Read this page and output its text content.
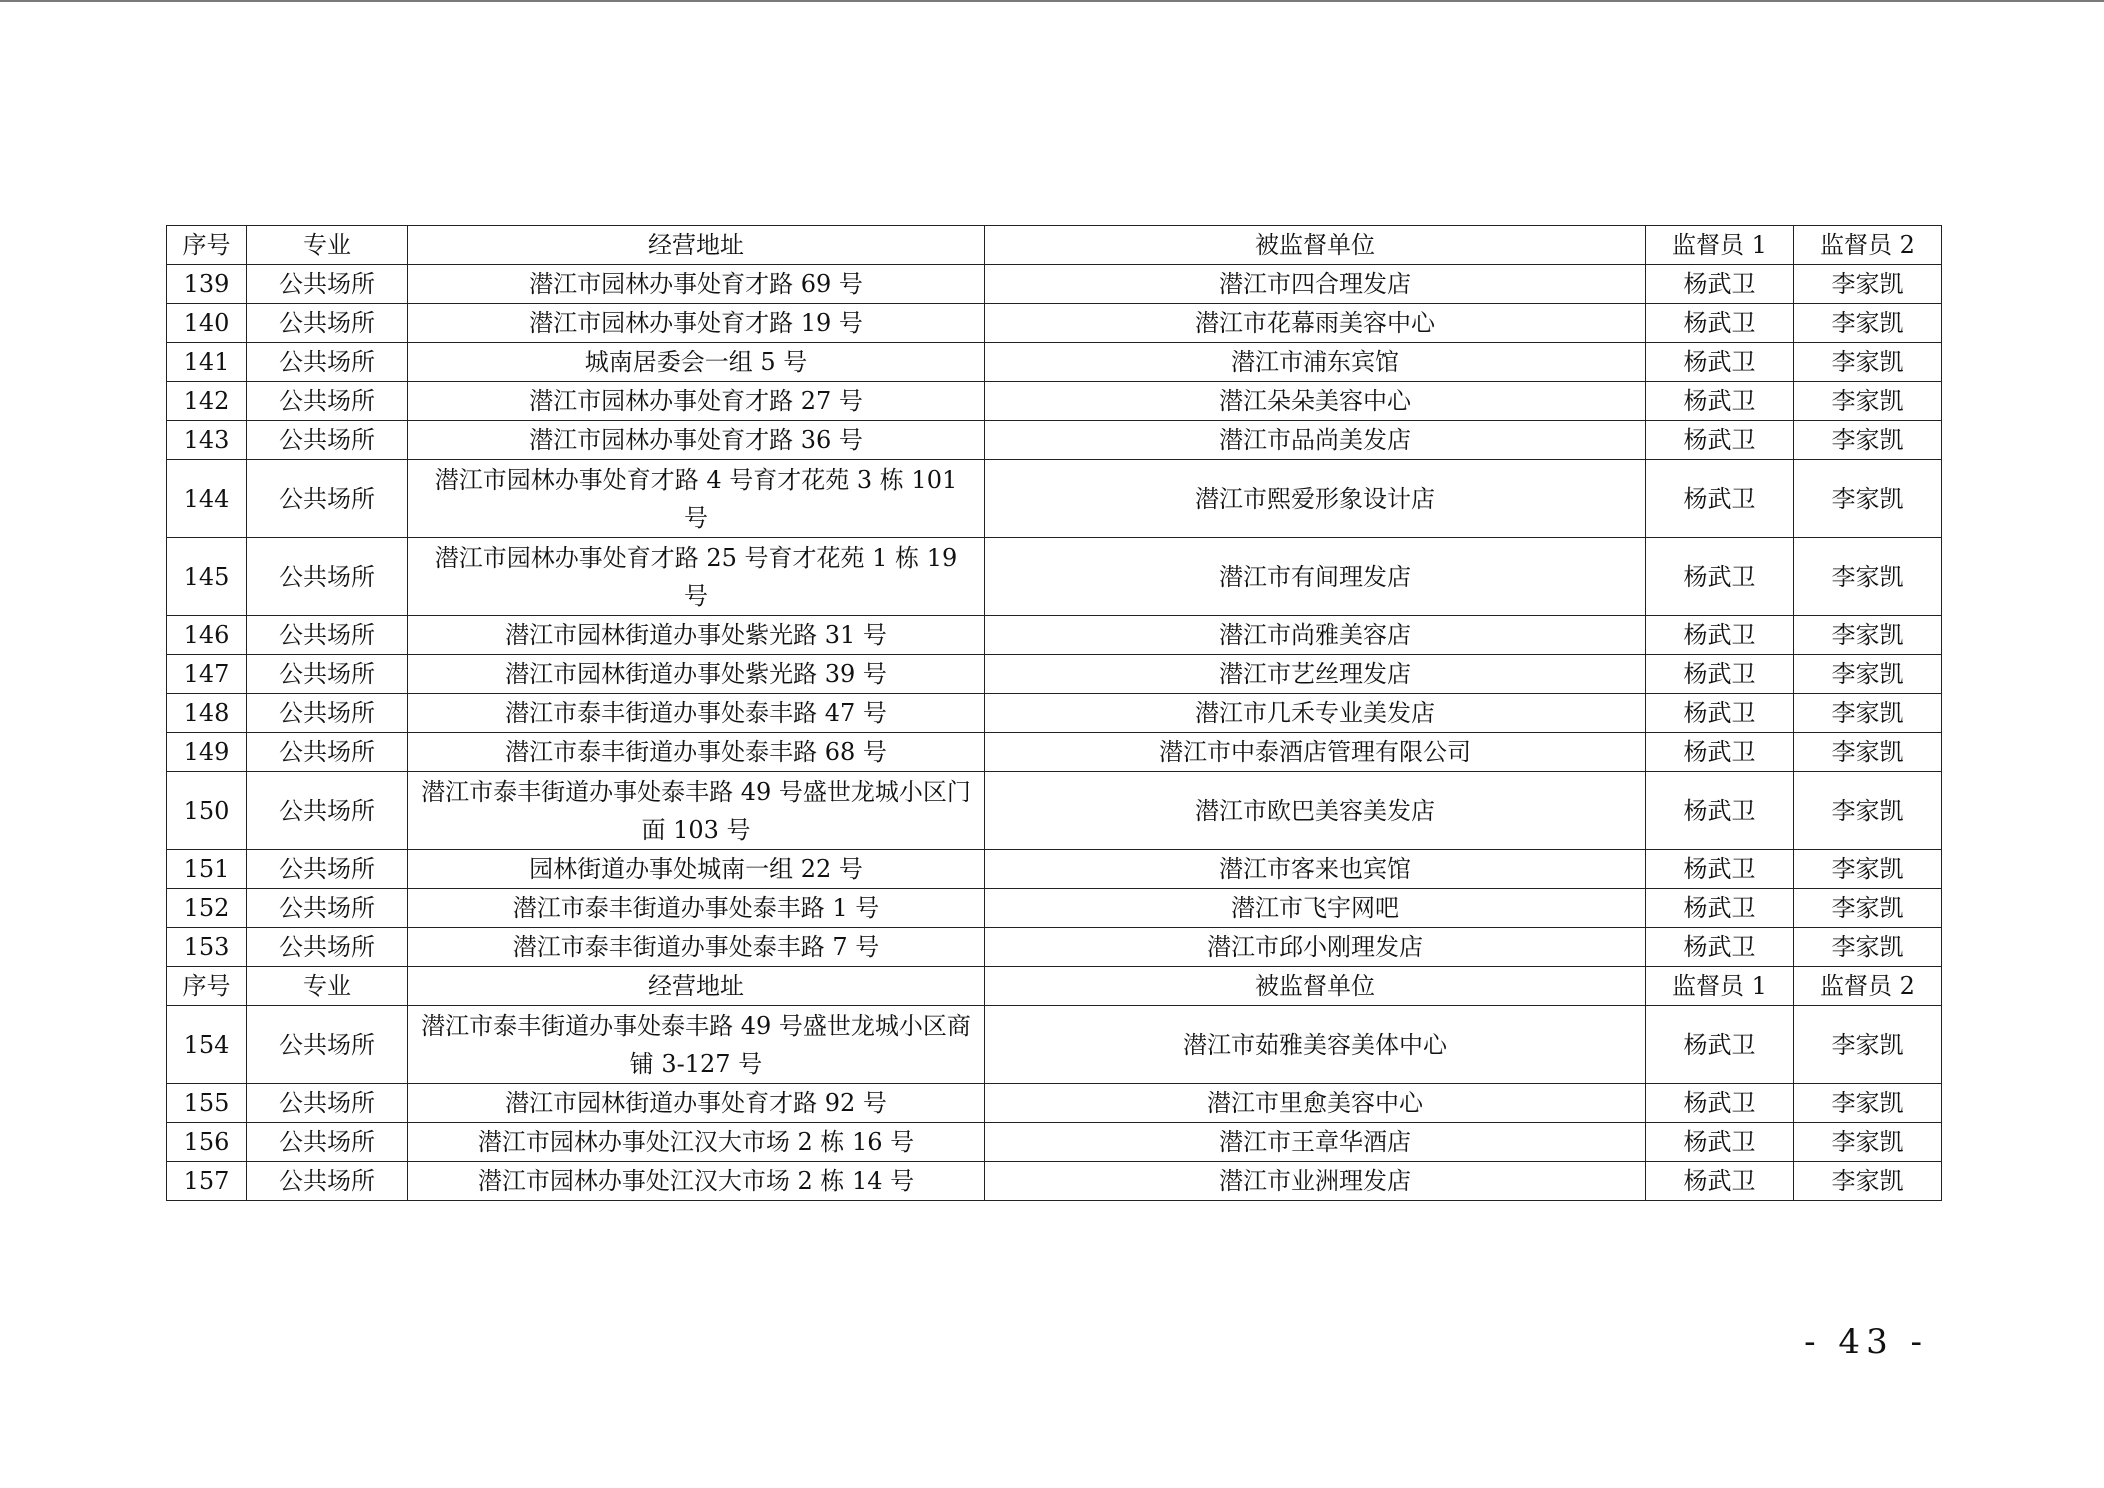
序号	专业	经营地址	被监督单位	监督员 1	监督员 2
139	公共场所	潜江市园林办事处育才路 69 号	潜江市四合理发店	杨武卫	李家凯
140	公共场所	潜江市园林办事处育才路 19 号	潜江市花幕雨美容中心	杨武卫	李家凯
141	公共场所	城南居委会一组 5 号	潜江市浦东宾馆	杨武卫	李家凯
142	公共场所	潜江市园林办事处育才路 27 号	潜江朵朵美容中心	杨武卫	李家凯
143	公共场所	潜江市园林办事处育才路 36 号	潜江市品尚美发店	杨武卫	李家凯
144	公共场所	潜江市园林办事处育才路 4 号育才花苑 3 栋 101 号	潜江市熙爱形象设计店	杨武卫	李家凯
145	公共场所	潜江市园林办事处育才路 25 号育才花苑 1 栋 19 号	潜江市有间理发店	杨武卫	李家凯
146	公共场所	潜江市园林街道办事处紫光路 31 号	潜江市尚雅美容店	杨武卫	李家凯
147	公共场所	潜江市园林街道办事处紫光路 39 号	潜江市艺丝理发店	杨武卫	李家凯
148	公共场所	潜江市泰丰街道办事处泰丰路 47 号	潜江市几禾专业美发店	杨武卫	李家凯
149	公共场所	潜江市泰丰街道办事处泰丰路 68 号	潜江市中泰酒店管理有限公司	杨武卫	李家凯
150	公共场所	潜江市泰丰街道办事处泰丰路 49 号盛世龙城小区门面 103 号	潜江市欧巴美容美发店	杨武卫	李家凯
151	公共场所	园林街道办事处城南一组 22 号	潜江市客来也宾馆	杨武卫	李家凯
152	公共场所	潜江市泰丰街道办事处泰丰路 1 号	潜江市飞宇网吧	杨武卫	李家凯
153	公共场所	潜江市泰丰街道办事处泰丰路 7 号	潜江市邱小刚理发店	杨武卫	李家凯
序号	专业	经营地址	被监督单位	监督员 1	监督员 2
154	公共场所	潜江市泰丰街道办事处泰丰路 49 号盛世龙城小区商铺 3-127 号	潜江市茹雅美容美体中心	杨武卫	李家凯
155	公共场所	潜江市园林街道办事处育才路 92 号	潜江市里愈美容中心	杨武卫	李家凯
156	公共场所	潜江市园林办事处江汉大市场 2 栋 16 号	潜江市王章华酒店	杨武卫	李家凯
157	公共场所	潜江市园林办事处江汉大市场 2 栋 14 号	潜江市业洲理发店	杨武卫	李家凯
- 43 -
